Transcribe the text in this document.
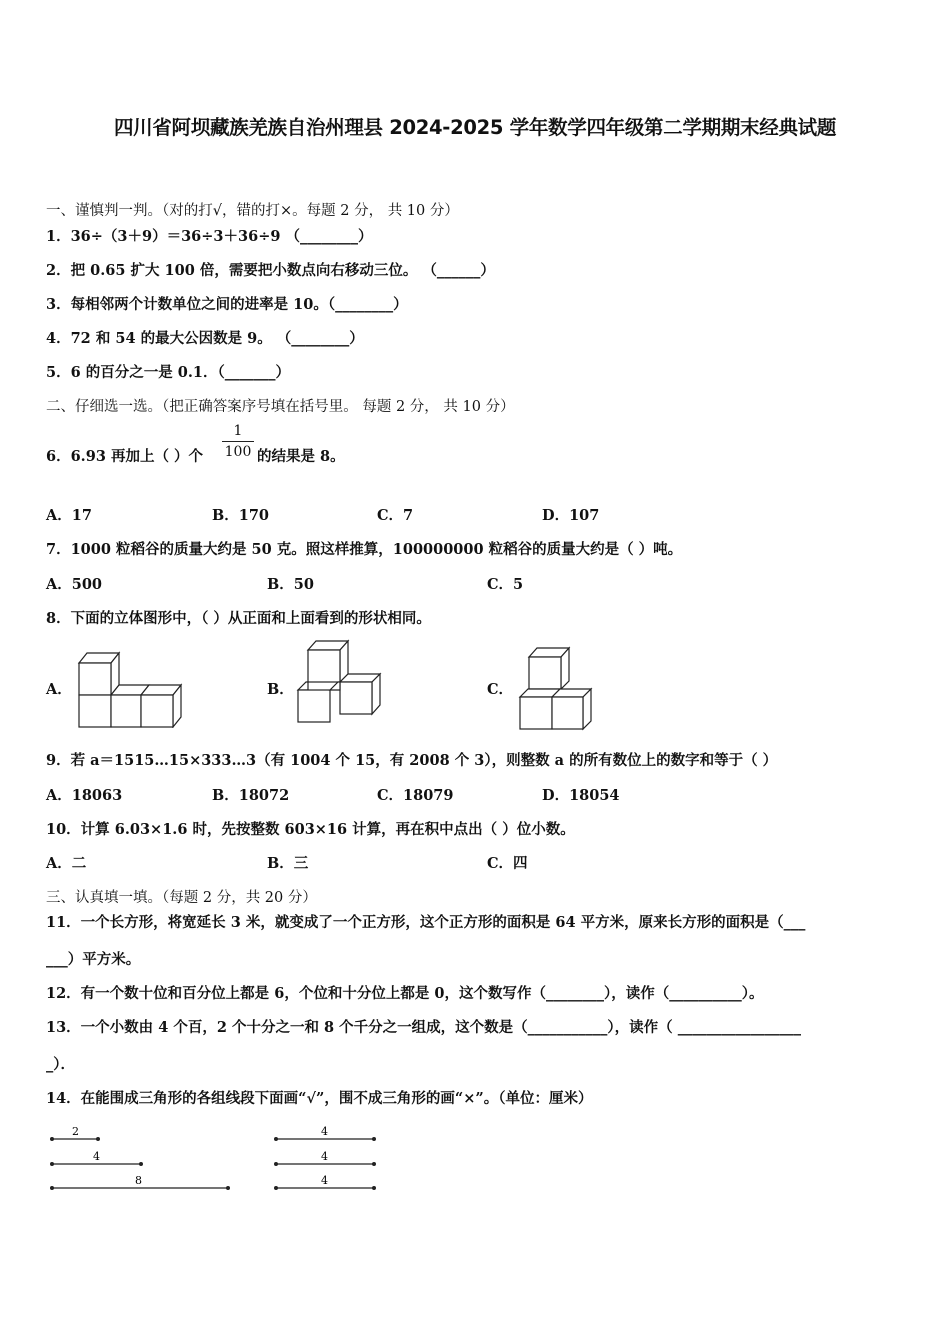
四川省阿坝藏族羌族自治州理县 2024-2025 学年数学四年级第二学期期末经典试题
一、谨慎判一判。（对的打√，错的打×。每题 2 分， 共 10 分）
1．36÷（3＋9）＝36÷3＋36÷9 （________）
2．把 0.65 扩大 100 倍，需要把小数点向右移动三位。 （______）
3．每相邻两个计数单位之间的进率是 10。（________）
4．72 和 54 的最大公因数是 9。 （________）
5．6 的百分之一是 0.1．（_______）
二、仔细选一选。（把正确答案序号填在括号里。 每题 2 分， 共 10 分）
6．6.93 再加上（ ）个
1
100 的结果是 8。
A．17	B．170	C．7	D．107
7．1000 粒稻谷的质量大约是 50 克。照这样推算，100000000 粒稻谷的质量大约是（ ）吨。
A．500	B．50	C．5
8．下面的立体图形中，（ ）从正面和上面看到的形状相同。
A．	B．	C．
9．若 a＝1515…15×333…3（有 1004 个 15，有 2008 个 3），则整数 a 的所有数位上的数字和等于（ ）
A．18063	B．18072	C．18079	D．18054
10．计算 6.03×1.6 时，先按整数 603×16 计算，再在积中点出（ ）位小数。
A．二	B．三	C．四
三、认真填一填。（每题 2 分，共 20 分）
11．一个长方形，将宽延长 3 米，就变成了一个正方形，这个正方形的面积是 64 平方米，原来长方形的面积是（___
___）平方米。
12．有一个数十位和百分位上都是 6，个位和十分位上都是 0，这个数写作（________），读作（__________）。
13．一个小数由 4 个百，2 个十分之一和 8 个千分之一组成，这个数是（___________），读作（ _________________
_）．
14．在能围成三角形的各组线段下面画“√”，围不成三角形的画“×”。（单位：厘米）
2
4
8
4
4
4
